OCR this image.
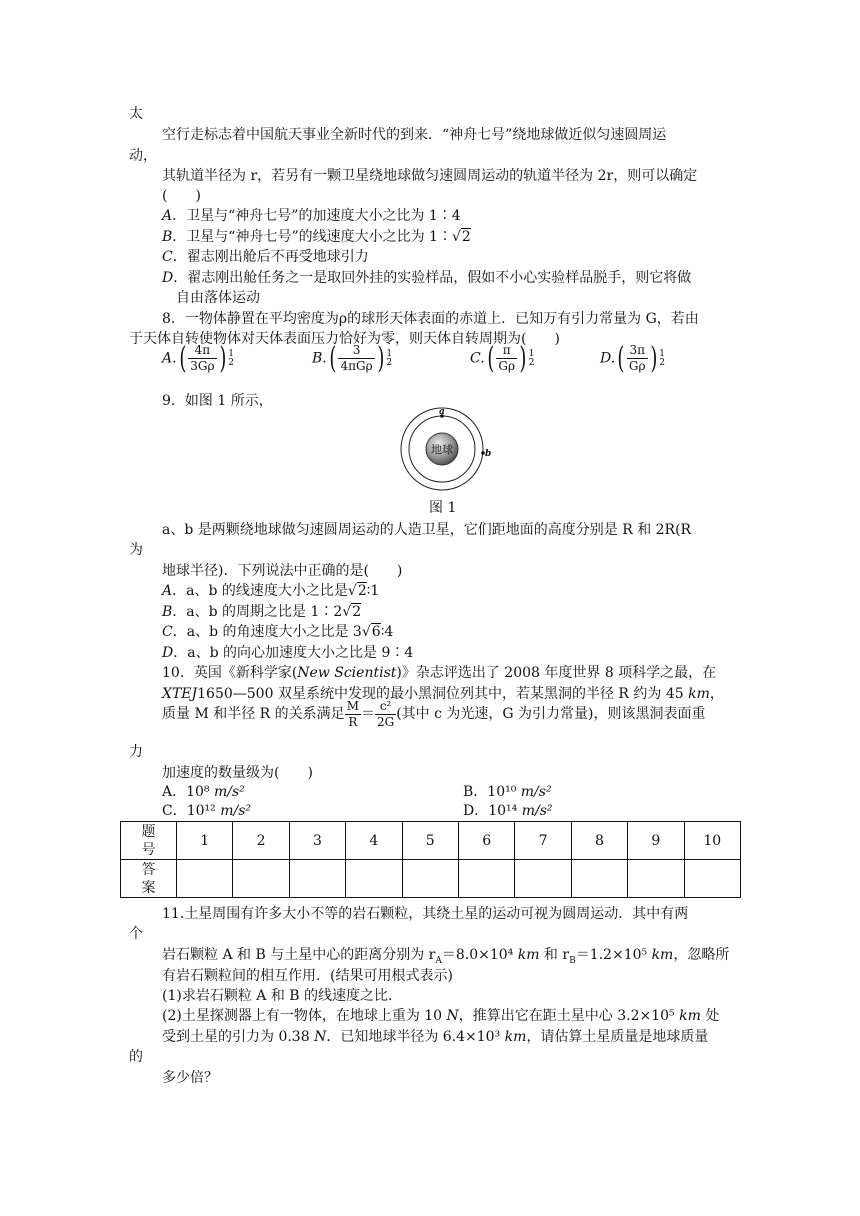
太
空行走标志着中国航天事业全新时代的到来．“神舟七号”绕地球做近似匀速圆周运
动，
其轨道半径为 r，若另有一颗卫星绕地球做匀速圆周运动的轨道半径为 2r，则可以确定
(　　)
A．卫星与“神舟七号”的加速度大小之比为 1∶4
B．卫星与“神舟七号”的线速度大小之比为 1∶√2
C．翟志刚出舱后不再受地球引力
D．翟志刚出舱任务之一是取回外挂的实验样品，假如不小心实验样品脱手，则它将做
自由落体运动
8．一物体静置在平均密度为ρ的球形天体表面的赤道上．已知万有引力常量为 G，若由
于天体自转使物体对天体表面压力恰好为零，则天体自转周期为(　　)
$A.( \frac{4\pi}{3G\rho}$ ) 1
2	$B.( \frac{3}{\text{4πGρ}}$ ) 1
2	$C.( \frac{\pi}{G\rho}$ ) 1
2	$D.( \frac{3\pi}{G\rho}$ ) 1
2
9．如图 1 所示，
地球
a
b
图 1
a、b 是两颗绕地球做匀速圆周运动的人造卫星，它们距地面的高度分别是 R 和 2R(R
为
地球半径)．下列说法中正确的是(　　)
A．a、b 的线速度大小之比是√2∶1
B．a、b 的周期之比是 1∶2√2
C．a、b 的角速度大小之比是 3√6∶4
D．a、b 的向心加速度大小之比是 9∶4
10．英国《新科学家(New Scientist)》杂志评选出了 2008 年度世界 8 项科学之最，在
XTEJ1650—500 双星系统中发现的最小黑洞位列其中，若某黑洞的半径 R 约为 45 km，
质量 M 和半径 R 的关系满足 $\frac{M}{R} = \frac{\text{c²}}{2G}$ (其中 c 为光速，G 为引力常量)，则该黑洞表面重
力
加速度的数量级为(　　)
A．10⁸ m/s²	B．10¹⁰ m/s²
C．10¹² m/s²	D．10¹⁴ m/s²
题号	1	2	3	4	5	6	7	8	9	10
答案										
11.土星周围有许多大小不等的岩石颗粒，其绕土星的运动可视为圆周运动．其中有两
个
岩石颗粒 A 和 B 与土星中心的距离分别为 $r_A=8.0\times 10^4$ km 和 $r_B=1.2\times 10^5$ km，忽略所
有岩石颗粒间的相互作用．(结果可用根式表示)
(1)求岩石颗粒 A 和 B 的线速度之比．
(2)土星探测器上有一物体，在地球上重为 10 N，推算出它在距土星中心 3.2×10⁵ km 处
受到土星的引力为 0.38 N．已知地球半径为 6.4×10³ km，请估算土星质量是地球质量
的
多少倍？
